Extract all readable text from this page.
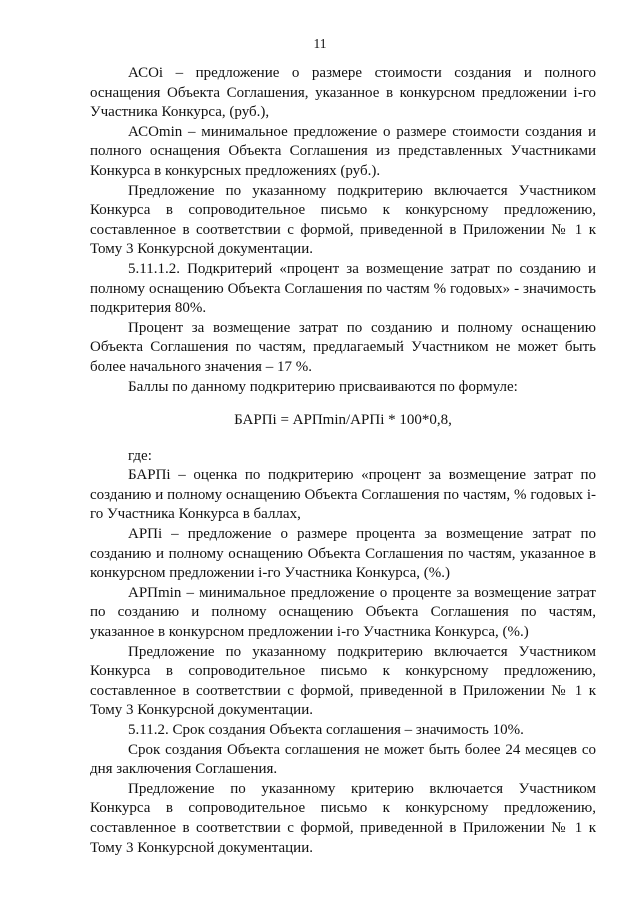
11

АСОi – предложение о размере стоимости создания и полного оснащения Объекта Соглашения, указанное в конкурсном предложении i-го Участника Конкурса, (руб.),

АСОmin – минимальное предложение о размере стоимости создания и полного оснащения Объекта Соглашения из представленных Участниками Конкурса в конкурсных предложениях (руб.).

Предложение по указанному подкритерию включается Участником Конкурса в сопроводительное письмо к конкурсному предложению, составленное в соответствии с формой, приведенной в Приложении № 1 к Тому 3 Конкурсной документации.

5.11.1.2. Подкритерий «процент за возмещение затрат по созданию и полному оснащению Объекта Соглашения по частям % годовых» - значимость подкритерия 80%.

Процент за возмещение затрат по созданию и полному оснащению Объекта Соглашения по частям, предлагаемый Участником не может быть более начального значения – 17 %.

Баллы по данному подкритерию присваиваются по формуле:

БАРПi = АРПmin/АРПi * 100*0,8,

где:

БАРПi – оценка по подкритерию «процент за возмещение затрат по созданию и полному оснащению Объекта Соглашения по частям, % годовых i-го Участника Конкурса в баллах,

АРПi – предложение о размере процента за возмещение затрат по созданию и полному оснащению Объекта Соглашения по частям, указанное в конкурсном предложении i-го Участника Конкурса, (%.)

АРПmin – минимальное предложение о проценте за возмещение затрат по созданию и полному оснащению Объекта Соглашения по частям, указанное в конкурсном предложении i-го Участника Конкурса, (%.)

Предложение по указанному подкритерию включается Участником Конкурса в сопроводительное письмо к конкурсному предложению, составленное в соответствии с формой, приведенной в Приложении № 1 к Тому 3 Конкурсной документации.

5.11.2. Срок создания Объекта соглашения – значимость 10%.

Срок создания Объекта соглашения не может быть более 24 месяцев со дня заключения Соглашения.

Предложение по указанному критерию включается Участником Конкурса в сопроводительное письмо к конкурсному предложению, составленное в соответствии с формой, приведенной в Приложении № 1 к Тому 3 Конкурсной документации.
